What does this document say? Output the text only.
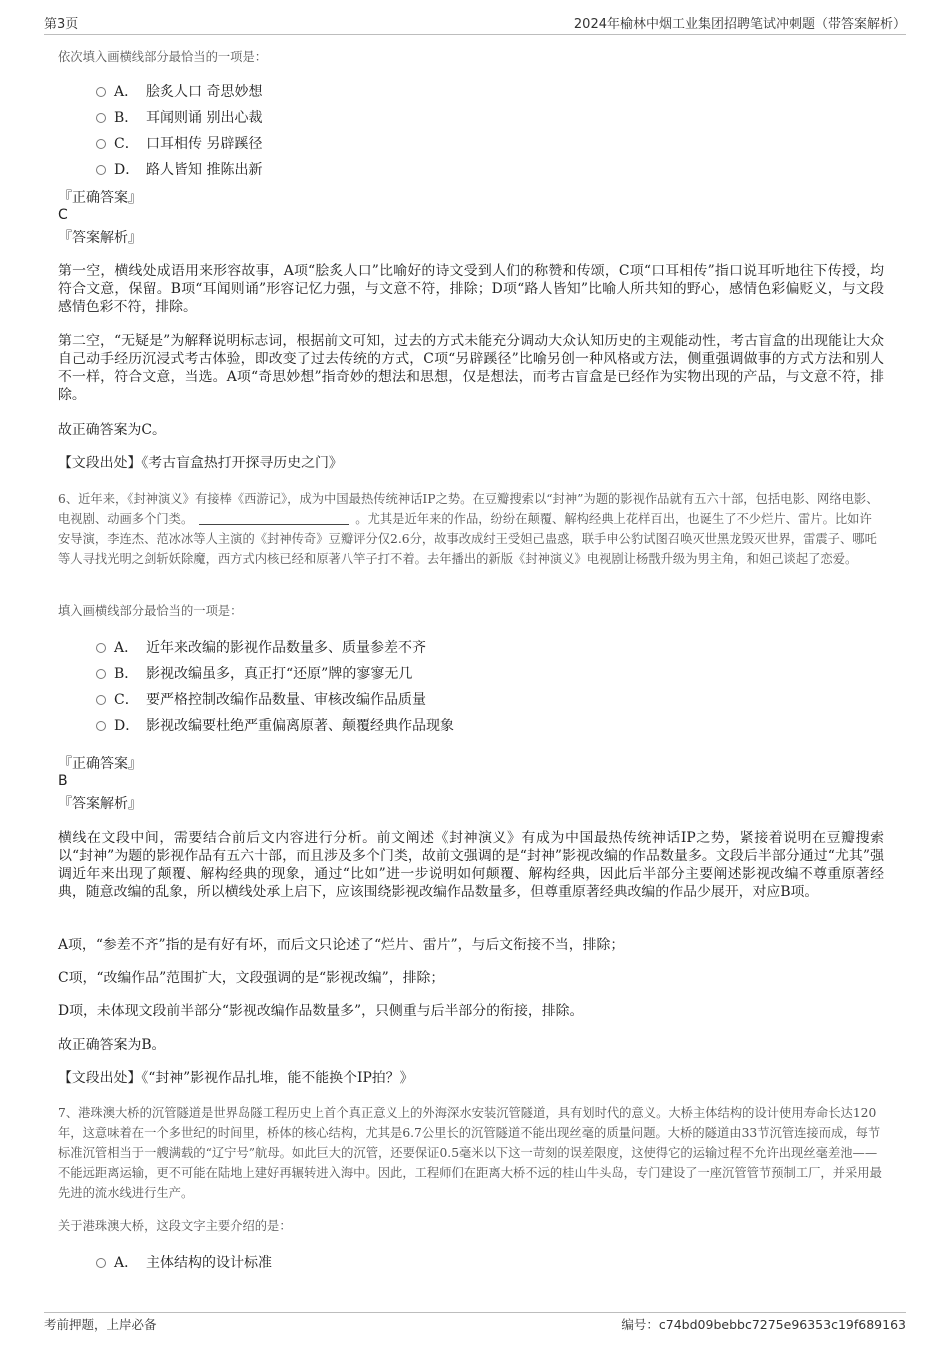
第3页	2024年榆林中烟工业集团招聘笔试冲刺题（带答案解析）
依次填入画横线部分最恰当的一项是：
A． 脍炙人口 奇思妙想
B． 耳闻则诵 别出心裁
C． 口耳相传 另辟蹊径
D． 路人皆知 推陈出新
『正确答案』
C
『答案解析』
第一空，横线处成语用来形容故事，A项“脍炙人口”比喻好的诗文受到人们的称赞和传颂，C项“口耳相传”指口说耳听地往下传授，均符合文意，保留。B项“耳闻则诵”形容记忆力强，与文意不符，排除；D项“路人皆知”比喻人所共知的野心，感情色彩偏贬义，与文段感情色彩不符，排除。
第二空，“无疑是”为解释说明标志词，根据前文可知，过去的方式未能充分调动大众认知历史的主观能动性，考古盲盒的出现能让大众自己动手经历沉浸式考古体验，即改变了过去传统的方式，C项“另辟蹊径”比喻另创一种风格或方法，侧重强调做事的方式方法和别人不一样，符合文意，当选。A项“奇思妙想”指奇妙的想法和思想，仅是想法，而考古盲盒是已经作为实物出现的产品，与文意不符，排除。
故正确答案为C。
【文段出处】《考古盲盒热打开探寻历史之门》
6、近年来，《封神演义》有接棒《西游记》，成为中国最热传统神话IP之势。在豆瓣搜索以“封神”为题的影视作品就有五六十部，包括电影、网络电影、电视剧、动画多个门类。	。尤其是近年来的作品，纷纷在颠覆、解构经典上花样百出，也诞生了不少烂片、雷片。比如许安导演，李连杰、范冰冰等人主演的《封神传奇》豆瓣评分仅2.6分，故事改成纣王受妲己蛊惑，联手申公豹试图召唤灭世黑龙毁灭世界，雷震子、哪吒等人寻找光明之剑斩妖除魔，西方式内核已经和原著八竿子打不着。去年播出的新版《封神演义》电视剧让杨戬升级为男主角，和妲己谈起了恋爱。
填入画横线部分最恰当的一项是：
A． 近年来改编的影视作品数量多、质量参差不齐
B． 影视改编虽多，真正打“还原”牌的寥寥无几
C． 要严格控制改编作品数量、审核改编作品质量
D． 影视改编要杜绝严重偏离原著、颠覆经典作品现象
『正确答案』
B
『答案解析』
横线在文段中间，需要结合前后文内容进行分析。前文阐述《封神演义》有成为中国最热传统神话IP之势，紧接着说明在豆瓣搜索以“封神”为题的影视作品有五六十部，而且涉及多个门类，故前文强调的是“封神”影视改编的作品数量多。文段后半部分通过“尤其”强调近年来出现了颠覆、解构经典的现象，通过“比如”进一步说明如何颠覆、解构经典，因此后半部分主要阐述影视改编不尊重原著经典，随意改编的乱象，所以横线处承上启下，应该围绕影视改编作品数量多，但尊重原著经典改编的作品少展开，对应B项。
A项，“参差不齐”指的是有好有坏，而后文只论述了“烂片、雷片”，与后文衔接不当，排除；
C项，“改编作品”范围扩大，文段强调的是“影视改编”，排除；
D项，未体现文段前半部分“影视改编作品数量多”，只侧重与后半部分的衔接，排除。
故正确答案为B。
【文段出处】《“封神”影视作品扎堆，能不能换个IP拍？》
7、港珠澳大桥的沉管隧道是世界岛隧工程历史上首个真正意义上的外海深水安装沉管隧道，具有划时代的意义。大桥主体结构的设计使用寿命长达120年，这意味着在一个多世纪的时间里，桥体的核心结构，尤其是6.7公里长的沉管隧道不能出现丝毫的质量问题。大桥的隧道由33节沉管连接而成，每节标准沉管相当于一艘满载的“辽宁号”航母。如此巨大的沉管，还要保证0.5毫米以下这一苛刻的误差限度，这使得它的运输过程不允许出现丝毫差池——不能远距离运输，更不可能在陆地上建好再辗转进入海中。因此，工程师们在距离大桥不远的桂山牛头岛，专门建设了一座沉管管节预制工厂，并采用最先进的流水线进行生产。
关于港珠澳大桥，这段文字主要介绍的是：
A． 主体结构的设计标准
考前押题，上岸必备	编号：c74bd09bebbc7275e96353c19f689163
